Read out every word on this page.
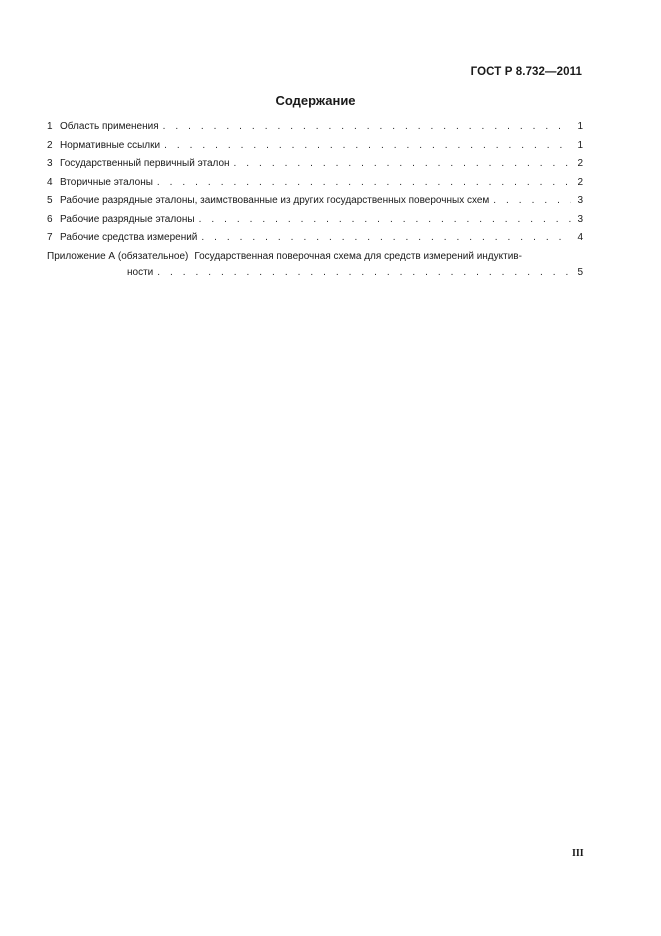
ГОСТ Р 8.732—2011
Содержание
1 Область применения . . .	1
2 Нормативные ссылки . . .	1
3 Государственный первичный эталон . . .	2
4 Вторичные эталоны . . .	2
5 Рабочие разрядные эталоны, заимствованные из других государственных поверочных схем . . .	3
6 Рабочие разрядные эталоны . . .	3
7 Рабочие средства измерений . . .	4
Приложение А (обязательное) Государственная поверочная схема для средств измерений индуктив-
ности . . .	5
III
